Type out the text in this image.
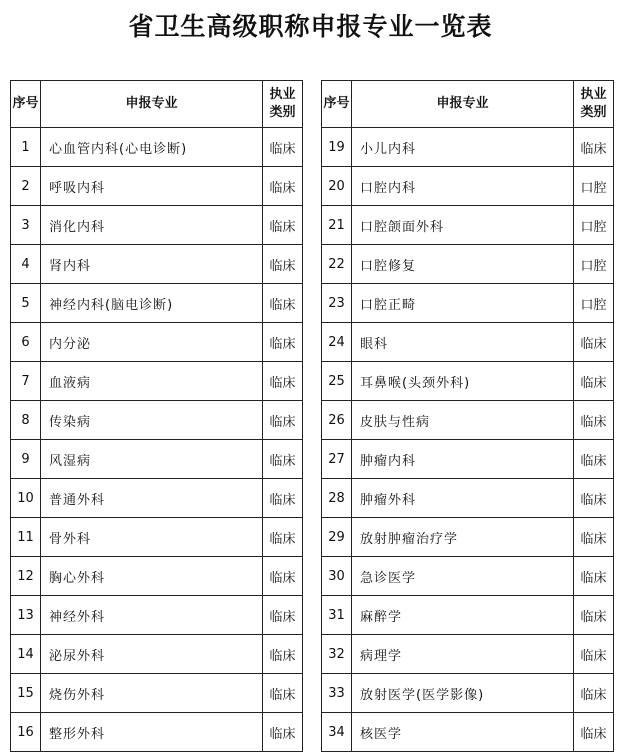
省卫生高级职称申报专业一览表
序号	申报专业	执业
类别

1	心血管内科(心电诊断)	临床
2	呼吸内科	临床
3	消化内科	临床
4	肾内科	临床
5	神经内科(脑电诊断)	临床
6	内分泌	临床
7	血液病	临床
8	传染病	临床
9	风湿病	临床
10	普通外科	临床
11	骨外科	临床
12	胸心外科	临床
13	神经外科	临床
14	泌尿外科	临床
15	烧伤外科	临床
16	整形外科	临床
序号	申报专业	执业
类别

19	小儿内科	临床
20	口腔内科	口腔
21	口腔颌面外科	口腔
22	口腔修复	口腔
23	口腔正畸	口腔
24	眼科	临床
25	耳鼻喉(头颈外科)	临床
26	皮肤与性病	临床
27	肿瘤内科	临床
28	肿瘤外科	临床
29	放射肿瘤治疗学	临床
30	急诊医学	临床
31	麻醉学	临床
32	病理学	临床
33	放射医学(医学影像)	临床
34	核医学	临床
